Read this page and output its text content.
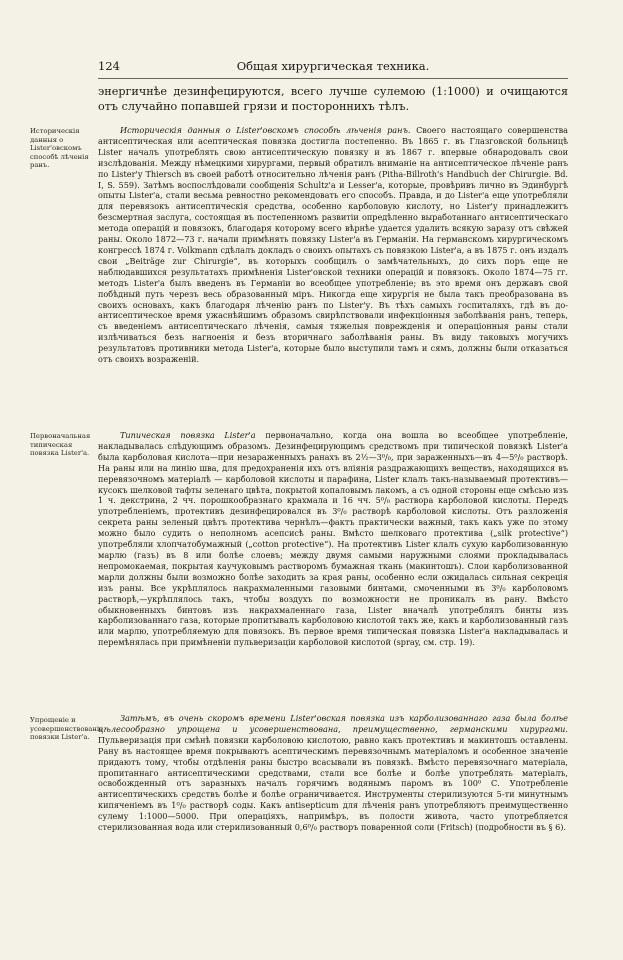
124	Общая хирургическая техника.

энергичнѣе дезинфецируются, всего лучше сулемою (1:1000) и очищаются отъ случайно попавшей грязи и постороннихъ тѣлъ.

Историческія данныя о Lister'овскомъ способѣ лѣченія ранъ.
Первоначальная типическая повязка Lister'a.
Упрощеніе и усовершенствованіе повязки Lister'a.

Историческія данныя о Lister'овскомъ способѣ лѣченія ранъ. Своего настоящаго совершенства антисептическая или асептическая повязка достигла постепенно. Въ 1865 г. въ Глазговской больницѣ Lister началъ употреблять свою антисептическую повязку и въ 1867 г. впервые обнародовалъ свои изслѣдованія. Между нѣмецкими хирургами, первый обратилъ вниманіе на антисептическое лѣченіе ранъ по Lister'у Thiersch въ своей работѣ относительно лѣченія ранъ (Pitha-Billroth's Handbuch der Chirurgie. Bd. I, S. 559). Затѣмъ воспослѣдовали сообщенія Schultz'a и Lesser'a, которые, провѣривъ лично въ Эдинбургѣ опыты Lister'a, стали весьма ревностно рекомендовать его способъ. Правда, и до Lister'a еще употребляли для перевязокъ антисептическія средства, особенно карболовую кислоту, но Lister'у принадлежитъ безсмертная заслуга, состоящая въ постепенномъ развитіи опредѣленно выработаннаго антисептическаго метода операцій и повязокъ, благодаря которому всего вѣрнѣе удается удалить всякую заразу отъ свѣжей раны. Около 1872—73 г. начали примѣнять повязку Lister'a въ Германіи. На германскомъ хирургическомъ конгрессѣ 1874 г. Volkmann сдѣлалъ докладъ о своихъ опытахъ съ повязкою Lister'a, а въ 1875 г. онъ издалъ свои „Beiträge zur Chirurgie“, въ которыхъ сообщилъ о замѣчательныхъ, до сихъ поръ еще не наблюдавшихся результатахъ примѣненія Lister'овской техники операцій и повязокъ. Около 1874—75 гг. методъ Lister'a былъ введенъ въ Германіи во всеобщее употребленіе; въ это время онъ державъ свой побѣдный путь черезъ весь образованный міръ. Никогда еще хирургія не была такъ преобразована въ своихъ основахъ, какъ благодаря лѣченію ранъ по Lister'у. Въ тѣхъ самыхъ госпиталяхъ, гдѣ въ до-антисептическое время ужаснѣйшимъ образомъ свирѣпствовали инфекціонныя заболѣванія ранъ, теперь, съ введеніемъ антисептическаго лѣченія, самыя тяжелыя поврежденія и операціонныя раны стали излѣчиваться безъ нагноенія и безъ вторичнаго заболѣванія раны. Въ виду таковыхъ могучихъ результатовъ противники метода Lister'a, которые было выступили тамъ и сямъ, должны были отказаться отъ своихъ возраженій.

Типическая повязка Lister'a первоначально, когда она вошла во всеобщее употребленіе, накладывалась слѣдующимъ образомъ. Дезинфецирующимъ средствомъ при типической повязкѣ Lister'a была карболовая кислота—при незараженныхъ ранахъ въ 2½—3⁰/₀, при зараженныхъ—въ 4—5⁰/₀ растворѣ. На раны или на линію шва, для предохраненія ихъ отъ вліянія раздражающихъ веществъ, находящихся въ перевязочномъ матеріалѣ — карболовой кислоты и парафина, Lister клалъ такъ-называемый протективъ—кусокъ шелковой тафты зеленаго цвѣта, покрытой копаловымъ лакомъ, а съ одной стороны еще смѣсью изъ 1 ч. декстрина, 2 чч. порошкообразнаго крахмала и 16 чч. 5⁰/₀ раствора карболовой кислоты. Передъ употребленіемъ, протективъ дезинфецировался въ 3⁰/₀ растворѣ карболовой кислоты. Отъ разложенія секрета раны зеленый цвѣтъ протектива чернѣлъ—фактъ практически важный, такъ какъ уже по этому можно было судить о неполномъ асепсисѣ раны. Вмѣсто шелковаго протектива („silk protective“) употребляли хлопчатобумажный („cotton protective“). На протективъ Lister клалъ сухую карболизованную марлю (газъ) въ 8 или болѣе слоевъ; между двумя самыми наружными слоями прокладывалась непромокаемая, покрытая каучуковымъ растворомъ бумажная ткань (макинтошъ). Слои карболизованной марли должны были возможно болѣе заходить за края раны, особенно если ожидалась сильная секреція изъ раны. Все укрѣплялось накрахмаленными газовыми бинтами, смоченными въ 3⁰/₀ карболовомъ растворѣ,—укрѣплялось такъ, чтобы воздухъ по возможности не проникалъ въ рану. Вмѣсто обыкновенныхъ бинтовъ изъ накрахмаленнаго газа, Lister вначалѣ употреблялъ бинты изъ карболизованнаго газа, которые пропитывалъ карболовою кислотой такъ же, какъ и карболизованный газъ или марлю, употребляемую для повязокъ. Въ первое время типическая повязка Lister'a накладывалась и перемѣнялась при примѣненіи пульверизаціи карболовой кислотой (spray, см. стр. 19).

Затѣмъ, въ очень скоромъ времени Lister'овская повязка изъ карболизованнаго газа была болѣе цѣлесообразно упрощена и усовершенствована, преимущественно, германскими хирургами. Пульверизація при смѣнѣ повязки карболовою кислотою, равно какъ протективъ и макинтошъ оставлены. Рану въ настоящее время покрываютъ асептическимъ перевязочнымъ матеріаломъ и особенное значеніе придаютъ тому, чтобы отдѣленія раны быстро всасывали въ повязкѣ. Вмѣсто перевязочнаго матеріала, пропитаннаго антисептическими средствами, стали все болѣе и болѣе употреблять матеріалъ, освобожденный отъ заразныхъ началъ горячимъ водянымъ паромъ въ 100⁰ С. Употребленіе антисептическихъ средствъ болѣе и болѣе ограничивается. Инструменты стерилизуются 5-ти минутнымъ кипяченіемъ въ 1⁰/₀ растворѣ соды. Какъ antisepticum для лѣченія ранъ употребляютъ преимущественно сулему 1:1000—5000. При операціяхъ, напримѣръ, въ полости живота, часто употребляется стерилизованная вода или стерилизованный 0,6⁰/₀ растворъ поваренной соли (Fritsch) (подробности въ § 6).
